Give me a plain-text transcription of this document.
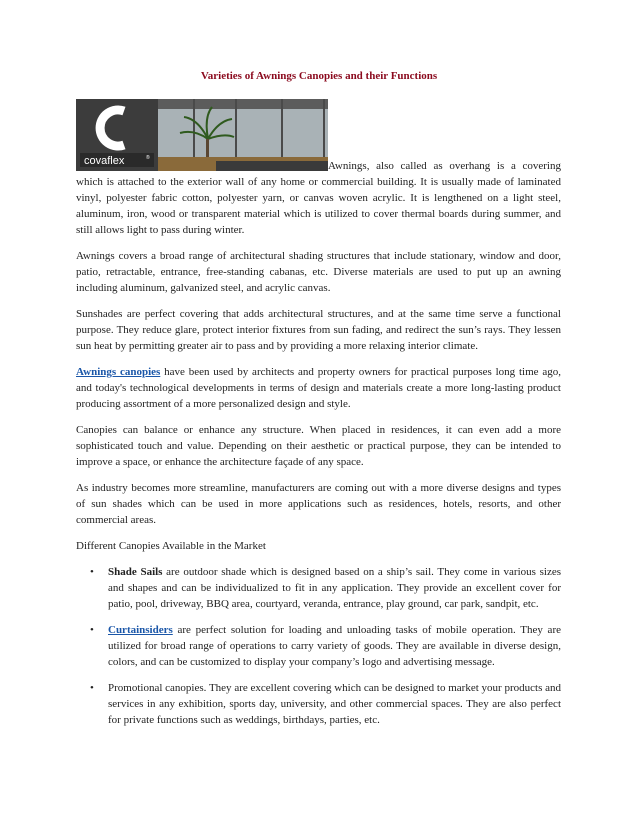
Varieties of Awnings Canopies and their Functions
covaflex	®

Awnings, also called as overhang is a covering which is attached to the exterior wall of any home or commercial building. It is usually made of laminated vinyl, polyester fabric cotton, polyester yarn, or canvas woven acrylic. It is lengthened on a light steel, aluminum, iron, wood or transparent material which is utilized to cover thermal boards during summer, and still allows light to pass during winter.

Awnings covers a broad range of architectural shading structures that include stationary, window and door, patio, retractable, entrance, free-standing cabanas, etc. Diverse materials are used to put up an awning including aluminum, galvanized steel, and acrylic canvas.

Sunshades are perfect covering that adds architectural structures, and at the same time serve a functional purpose. They reduce glare, protect interior fixtures from sun fading, and redirect the sun’s rays. They lessen sun heat by permitting greater air to pass and by providing a more relaxing interior climate.

Awnings canopies have been used by architects and property owners for practical purposes long time ago, and today's technological developments in terms of design and materials create a more long-lasting product producing assortment of a more personalized design and style.

Canopies can balance or enhance any structure. When placed in residences, it can even add a more sophisticated touch and value. Depending on their aesthetic or practical purpose, they can be intended to improve a space, or enhance the architecture façade of any space.

As industry becomes more streamline, manufacturers are coming out with a more diverse designs and types of sun shades which can be used in more applications such as residences, hotels, resorts, and other commercial areas.

Different Canopies Available in the Market

• Shade Sails are outdoor shade which is designed based on a ship’s sail. They come in various sizes and shapes and can be individualized to fit in any application. They provide an excellent cover for patio, pool, driveway, BBQ area, courtyard, veranda, entrance, play ground, car park, sandpit, etc.
• Curtainsiders are perfect solution for loading and unloading tasks of mobile operation. They are utilized for broad range of operations to carry variety of goods. They are available in diverse design, colors, and can be customized to display your company’s logo and advertising message.
• Promotional canopies. They are excellent covering which can be designed to market your products and services in any exhibition, sports day, university, and other commercial spaces. They are also perfect for private functions such as weddings, birthdays, parties, etc.
